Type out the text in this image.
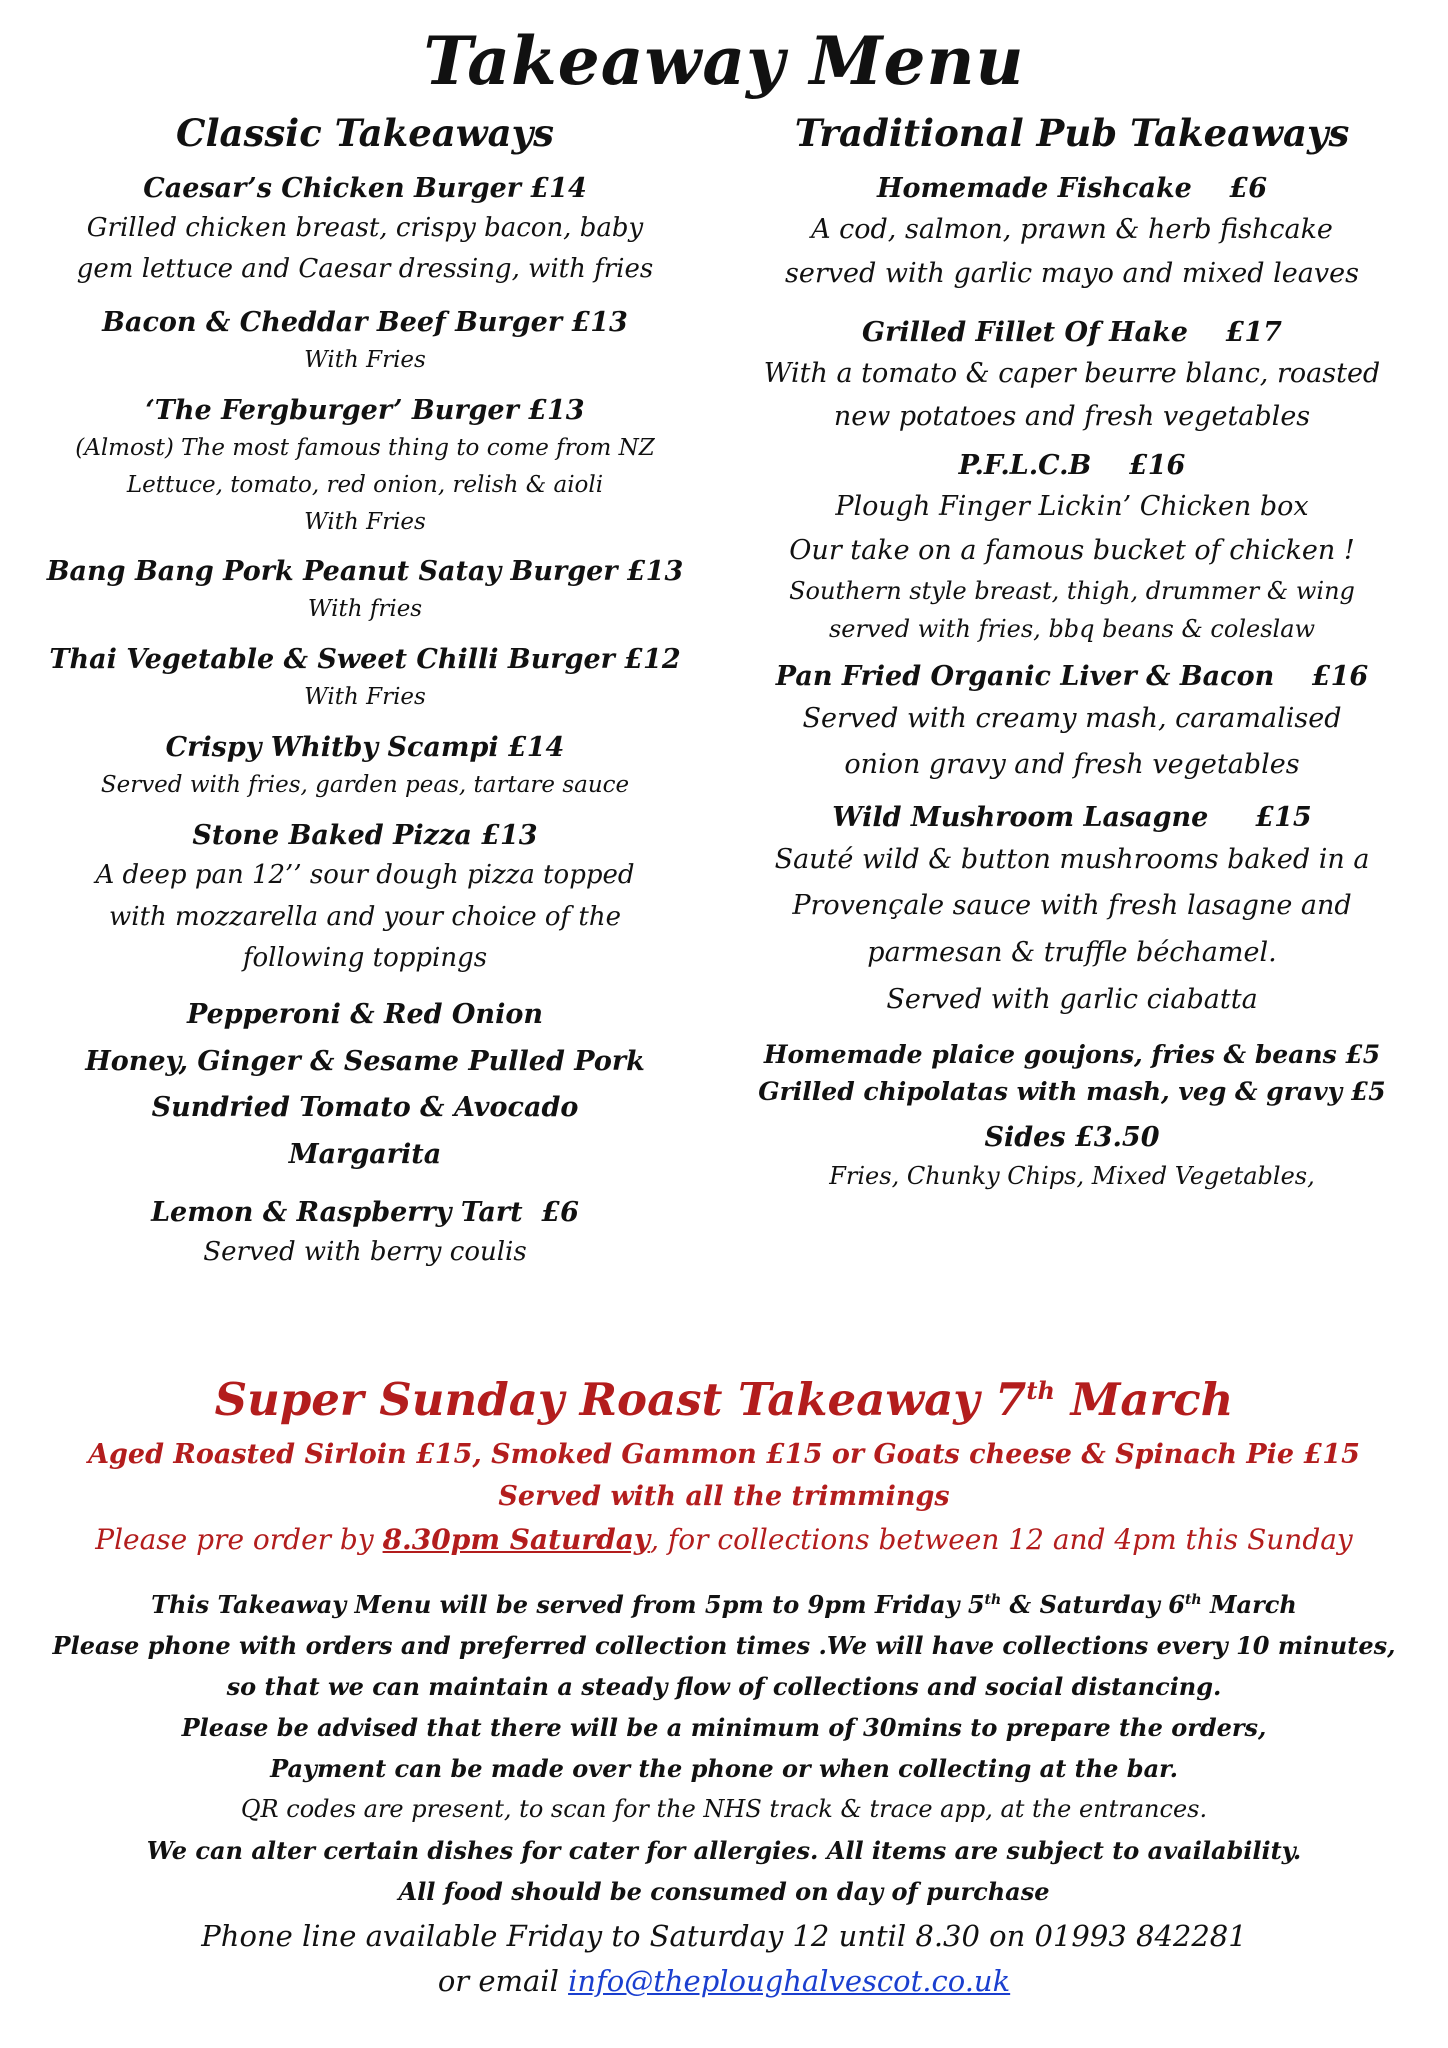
Takeaway Menu
Classic Takeaways
Caesar’s Chicken Burger £14
Grilled chicken breast, crispy bacon, baby
gem lettuce and Caesar dressing, with fries
Bacon & Cheddar Beef Burger £13
With Fries
‘The Fergburger’ Burger £13
(Almost) The most famous thing to come from NZ
Lettuce, tomato, red onion, relish & aioli
With Fries
Bang Bang Pork Peanut Satay Burger £13
With fries
Thai Vegetable & Sweet Chilli Burger £12
With Fries
Crispy Whitby Scampi £14
Served with fries, garden peas, tartare sauce
Stone Baked Pizza £13
A deep pan 12’’ sour dough pizza topped
with mozzarella and your choice of the
following toppings
Pepperoni & Red Onion
Honey, Ginger & Sesame Pulled Pork
Sundried Tomato & Avocado
Margarita
Lemon & Raspberry Tart  £6
Served with berry coulis
Traditional Pub Takeaways
Homemade Fishcake    £6
A cod, salmon, prawn & herb fishcake
served with garlic mayo and mixed leaves
Grilled Fillet Of Hake    £17
With a tomato & caper beurre blanc, roasted
new potatoes and fresh vegetables
P.F.L.C.B    £16
Plough Finger Lickin’ Chicken box
Our take on a famous bucket of chicken !
Southern style breast, thigh, drummer & wing
served with fries, bbq beans & coleslaw
Pan Fried Organic Liver & Bacon    £16
Served with creamy mash, caramalised
onion gravy and fresh vegetables
Wild Mushroom Lasagne     £15
Sauté wild & button mushrooms baked in a
Provençale sauce with fresh lasagne and
parmesan & truffle béchamel.
Served with garlic ciabatta
Homemade plaice goujons, fries & beans £5
Grilled chipolatas with mash, veg & gravy £5
Sides £3.50
Fries, Chunky Chips, Mixed Vegetables,
Super Sunday Roast Takeaway 7th March
Aged Roasted Sirloin £15, Smoked Gammon £15 or Goats cheese & Spinach Pie £15
Served with all the trimmings
Please pre order by 8.30pm Saturday, for collections between 12 and 4pm this Sunday
This Takeaway Menu will be served from 5pm to 9pm Friday 5th & Saturday 6th March
Please phone with orders and preferred collection times .We will have collections every 10 minutes,
so that we can maintain a steady flow of collections and social distancing.
Please be advised that there will be a minimum of 30mins to prepare the orders,
Payment can be made over the phone or when collecting at the bar.
QR codes are present, to scan for the NHS track & trace app, at the entrances.
We can alter certain dishes for cater for allergies. All items are subject to availability.
All food should be consumed on day of purchase
Phone line available Friday to Saturday 12 until 8.30 on 01993 842281
or email info@theploughalvescot.co.uk
